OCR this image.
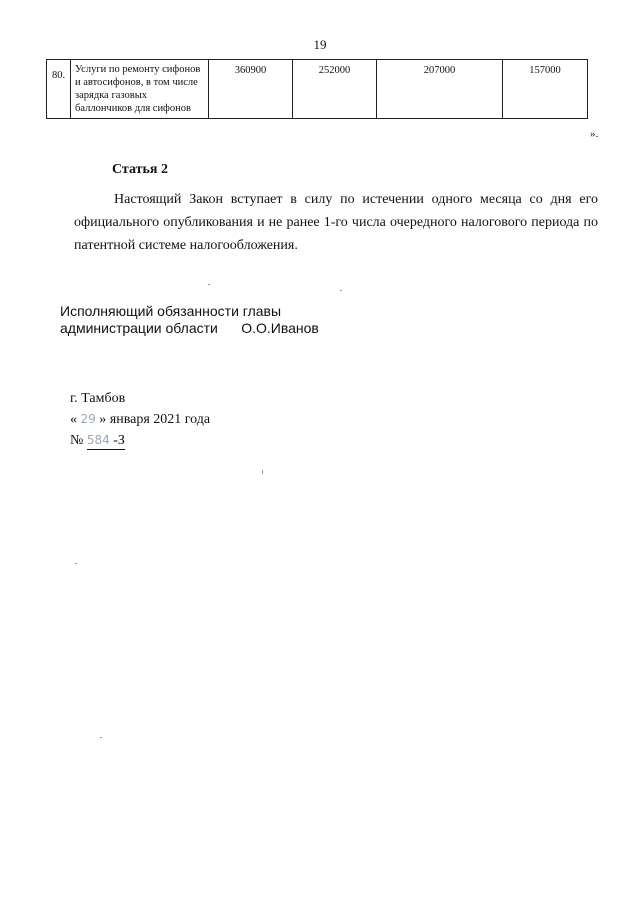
19
80.	Услуги по ремонту сифонов и автосифонов, в том числе зарядка газовых баллончиков для сифонов	360900	252000	207000	157000
».
Статья 2

Настоящий Закон вступает в силу по истечении одного месяца со дня его официального опубликования и не ранее 1-го числа очередного налогового периода по патентной системе налогообложения.

Исполняющий обязанности главы
администрации области О.О.Иванов
г. Тамбов
« 29 » января 2021 года
№ 584 -З
